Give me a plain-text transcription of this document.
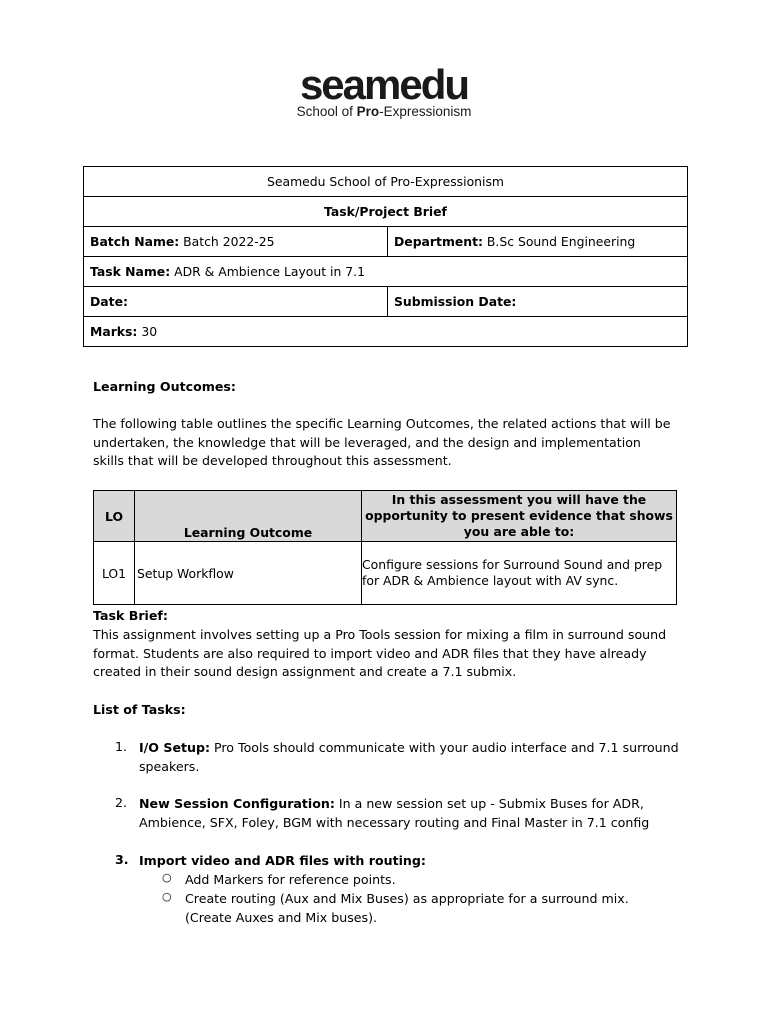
seamedu
School of Pro-Expressionism
Seamedu School of Pro-Expressionism	
Task/Project Brief	
Batch Name: Batch 2022-25	Department: B.Sc Sound Engineering
Task Name: ADR & Ambience Layout in 7.1	
Date:	Submission Date:
Marks: 30	
Learning Outcomes:
The following table outlines the specific Learning Outcomes, the related actions that will be undertaken, the knowledge that will be leveraged, and the design and implementation skills that will be developed throughout this assessment.
LO	Learning Outcome	In this assessment you will have the opportunity to present evidence that shows you are able to:
LO1	Setup Workflow	Configure sessions for Surround Sound and prep for ADR & Ambience layout with AV sync.
Task Brief:
This assignment involves setting up a Pro Tools session for mixing a film in surround sound format. Students are also required to import video and ADR files that they have already created in their sound design assignment and create a 7.1 submix.
List of Tasks:
1. I/O Setup: Pro Tools should communicate with your audio interface and 7.1 surround speakers.
2. New Session Configuration: In a new session set up - Submix Buses for ADR, Ambience, SFX, Foley, BGM with necessary routing and Final Master in 7.1 config
3. Import video and ADR files with routing:
○ Add Markers for reference points.
○ Create routing (Aux and Mix Buses) as appropriate for a surround mix. (Create Auxes and Mix buses).
